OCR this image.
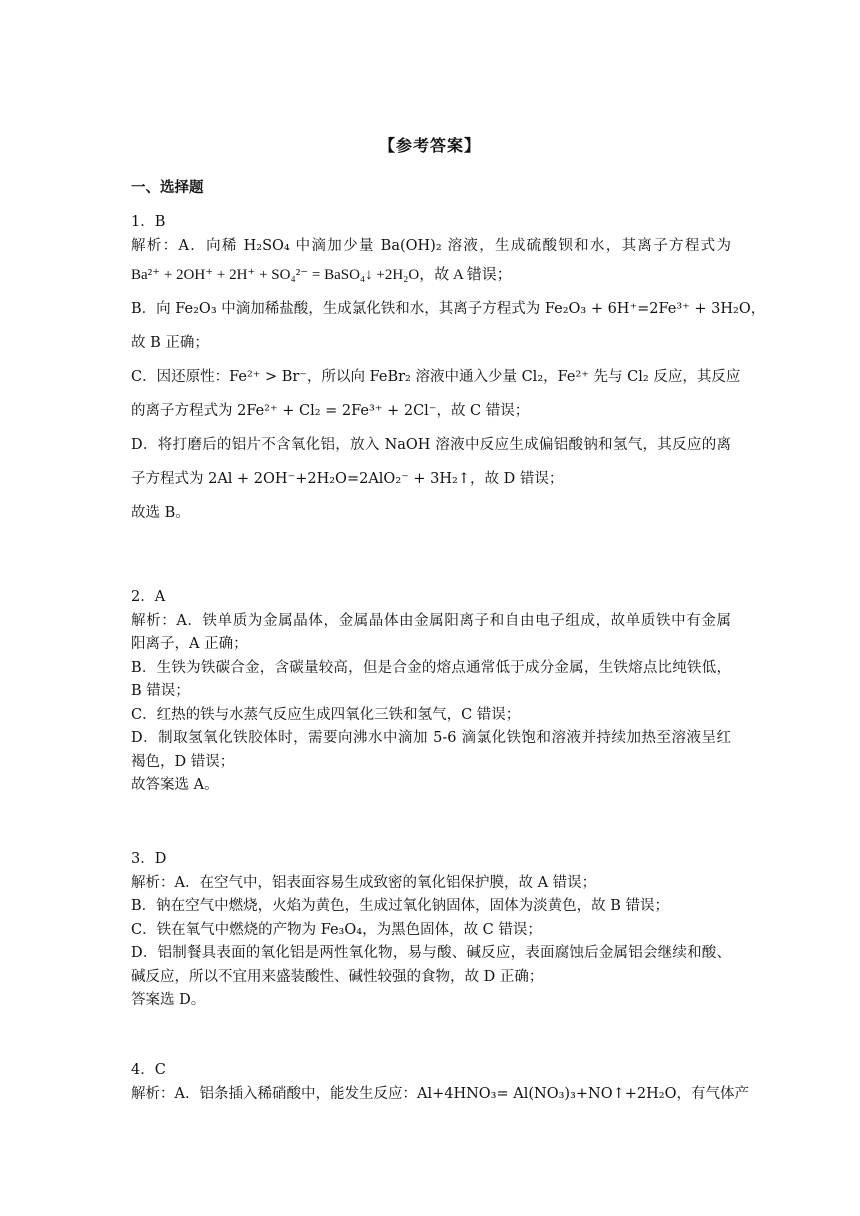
【参考答案】
一、选择题
1．B
解析：A．向稀 H₂SO₄ 中滴加少量 Ba(OH)₂ 溶液，生成硫酸钡和水，其离子方程式为
Ba²⁺ + 2OH⁺ + 2H⁺ + SO₄²⁻ = BaSO₄↓ +2H₂O，故 A 错误；
B．向 Fe₂O₃ 中滴加稀盐酸，生成氯化铁和水，其离子方程式为 Fe₂O₃ + 6H⁺=2Fe³⁺ + 3H₂O，
故 B 正确；
C．因还原性：Fe²⁺ > Br⁻，所以向 FeBr₂ 溶液中通入少量 Cl₂，Fe²⁺ 先与 Cl₂ 反应，其反应
的离子方程式为 2Fe²⁺ + Cl₂ = 2Fe³⁺ + 2Cl⁻，故 C 错误；
D．将打磨后的铝片不含氧化铝，放入 NaOH 溶液中反应生成偏铝酸钠和氢气，其反应的离
子方程式为 2Al + 2OH⁻+2H₂O=2AlO₂⁻ + 3H₂↑，故 D 错误；
故选 B。
2．A
解析：A．铁单质为金属晶体，金属晶体由金属阳离子和自由电子组成，故单质铁中有金属
阳离子，A 正确；
B．生铁为铁碳合金，含碳量较高，但是合金的熔点通常低于成分金属，生铁熔点比纯铁低，
B 错误；
C．红热的铁与水蒸气反应生成四氧化三铁和氢气，C 错误；
D．制取氢氧化铁胶体时，需要向沸水中滴加 5-6 滴氯化铁饱和溶液并持续加热至溶液呈红
褐色，D 错误；
故答案选 A。
3．D
解析：A．在空气中，铝表面容易生成致密的氧化铝保护膜，故 A 错误；
B．钠在空气中燃烧，火焰为黄色，生成过氧化钠固体，固体为淡黄色，故 B 错误；
C．铁在氧气中燃烧的产物为 Fe₃O₄，为黑色固体，故 C 错误；
D．铝制餐具表面的氧化铝是两性氧化物，易与酸、碱反应，表面腐蚀后金属铝会继续和酸、
碱反应，所以不宜用来盛装酸性、碱性较强的食物，故 D 正确；
答案选 D。
4．C
解析：A．铝条插入稀硝酸中，能发生反应：Al+4HNO₃= Al(NO₃)₃+NO↑+2H₂O，有气体产
